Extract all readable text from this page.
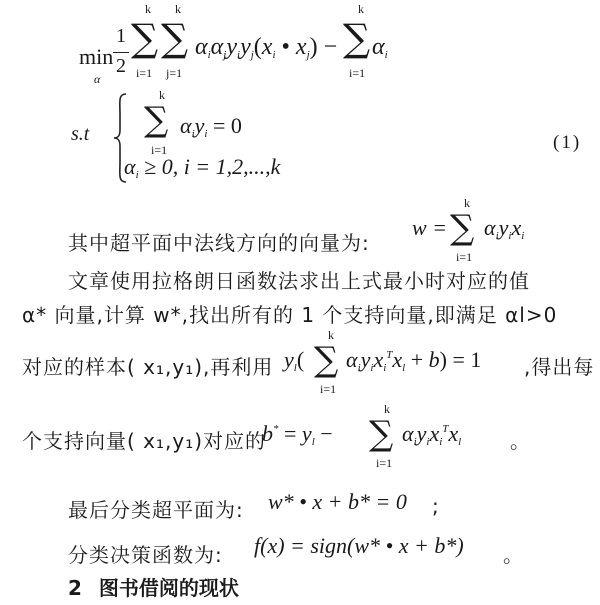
min
α
1
2
k
∑
i=1
k
∑
j=1
$\alpha_i\alpha_jy_iy_j(x_i$ • $x_j$) −
k
∑
i=1
$\alpha_i$
s.t
k
∑
i=1
$\alpha_iy_i = 0$
$\alpha_i \ge 0$, i = 1,2,...,k
(1)
其中超平面中法线方向的向量为:
w =
k
∑
i=1
$\alpha_iy_ix_i$
文章使用拉格朗日函数法求出上式最小时对应的值
α* 向量,计算 w*,找出所有的 1 个支持向量,即满足 αl>0
对应的样本( x₁,y₁),再利用 $y_l$(
k
∑
i=1
$\alpha_iy_ix_i^Tx_l + b) = 1$ ,得出每
个支持向量( x₁,y₁)对应的
$b^* = y_l$ −
k
∑
i=1
$\alpha_iy_ix_i^Tx_l$ 。
最后分类超平面为: w* • x + b* = 0 ;
分类决策函数为: f(x) = sign(w* • x + b*) 。
2 图书借阅的现状
